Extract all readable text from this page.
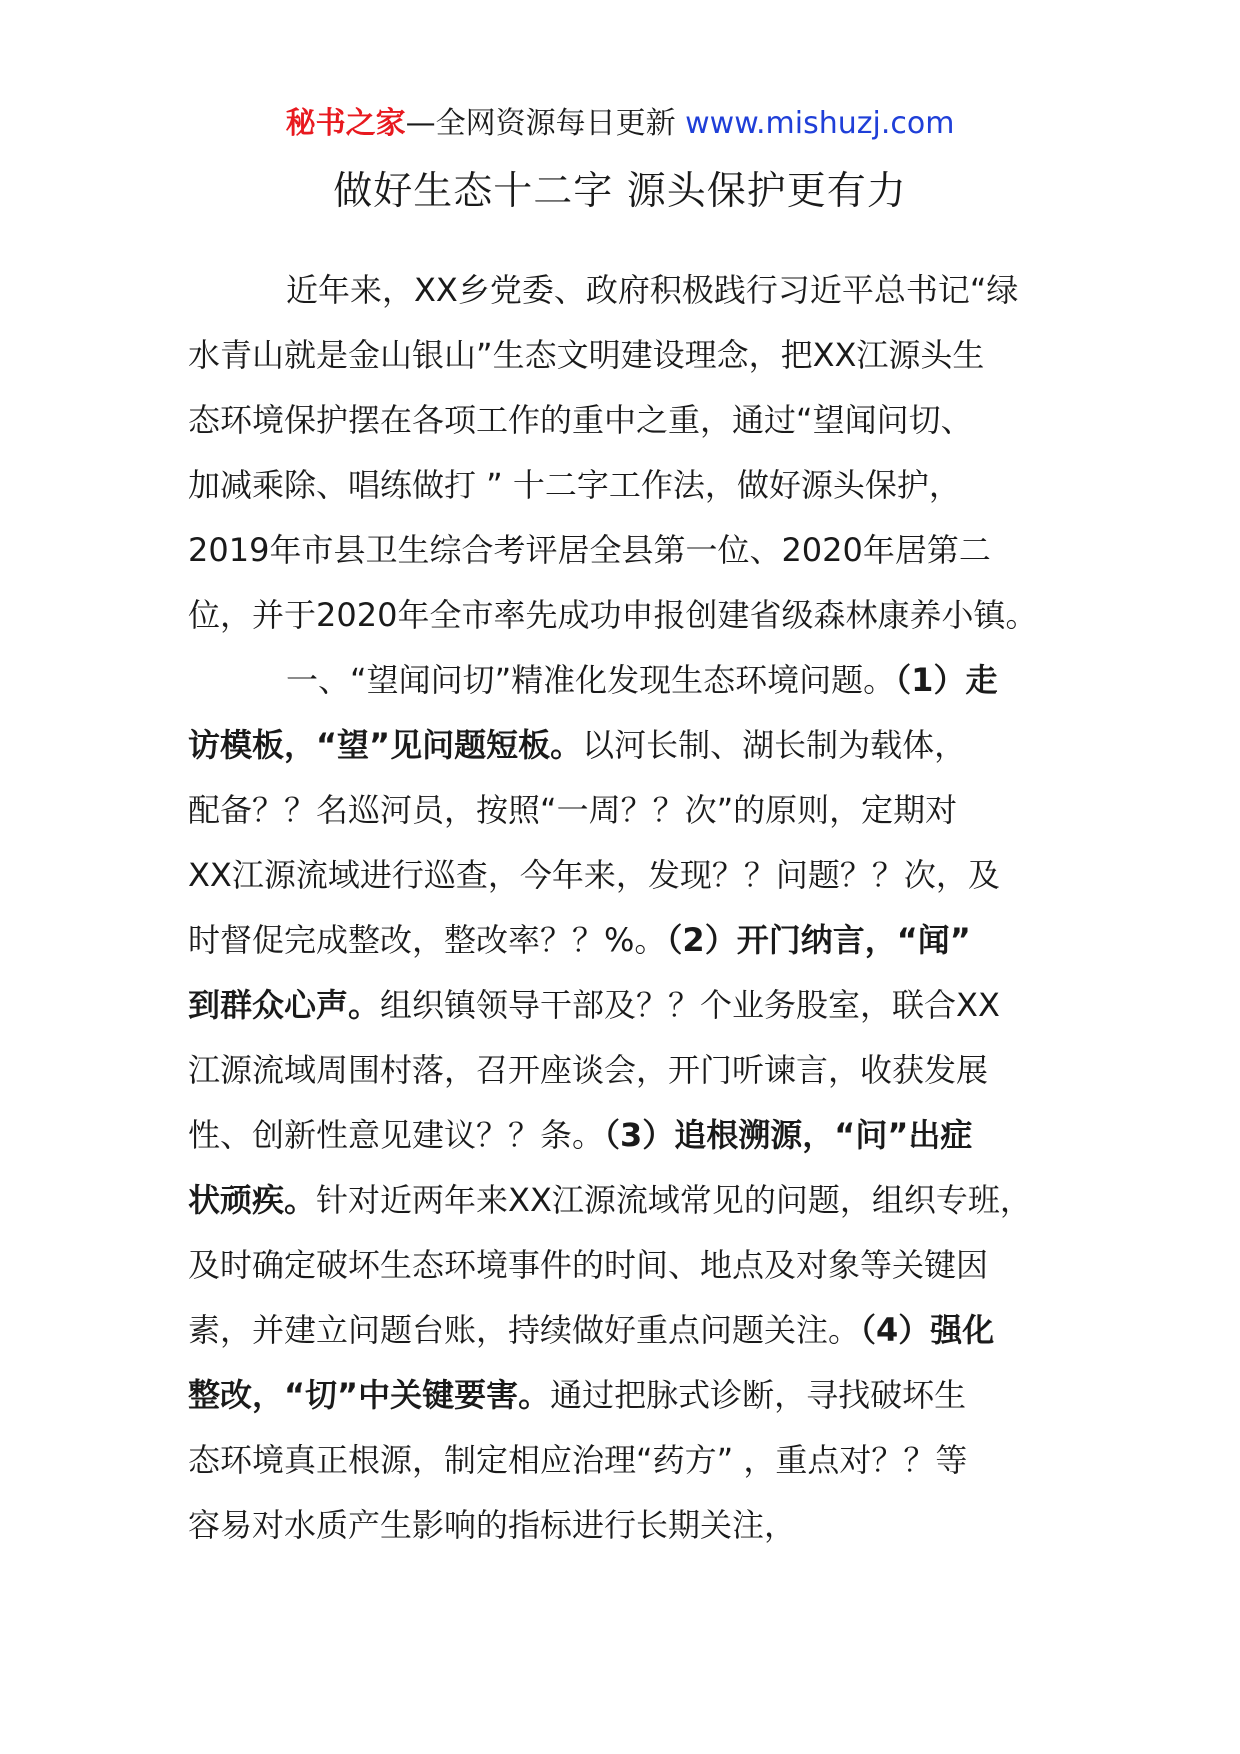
秘书之家—全网资源每日更新 www.mishuzj.com
做好生态十二字 源头保护更有力
　近年来，XX乡党委、政府积极践行习近平总书记“绿
水青山就是金山银山”生态文明建设理念，把XX江源头生
态环境保护摆在各项工作的重中之重，通过“望闻问切、
加减乘除、唱练做打 ” 十二字工作法，做好源头保护，
2019年市县卫生综合考评居全县第一位、2020年居第二
位，并于2020年全市率先成功申报创建省级森林康养小镇。
　一、“望闻问切”精准化发现生态环境问题。（1）走
访模板，“望”见问题短板。以河长制、湖长制为载体，
配备？？名巡河员，按照“一周？？次”的原则，定期对
XX江源流域进行巡查，今年来，发现？？问题？？次，及
时督促完成整改，整改率？？%。（2）开门纳言，“闻”
到群众心声。组织镇领导干部及？？个业务股室，联合XX
江源流域周围村落，召开座谈会，开门听谏言，收获发展
性、创新性意见建议？？条。（3）追根溯源，“问”出症
状顽疾。针对近两年来XX江源流域常见的问题，组织专班，
及时确定破坏生态环境事件的时间、地点及对象等关键因
素，并建立问题台账，持续做好重点问题关注。（4）强化
整改，“切”中关键要害。通过把脉式诊断，寻找破坏生
态环境真正根源，制定相应治理“药方” ，重点对？？等
容易对水质产生影响的指标进行长期关注，
